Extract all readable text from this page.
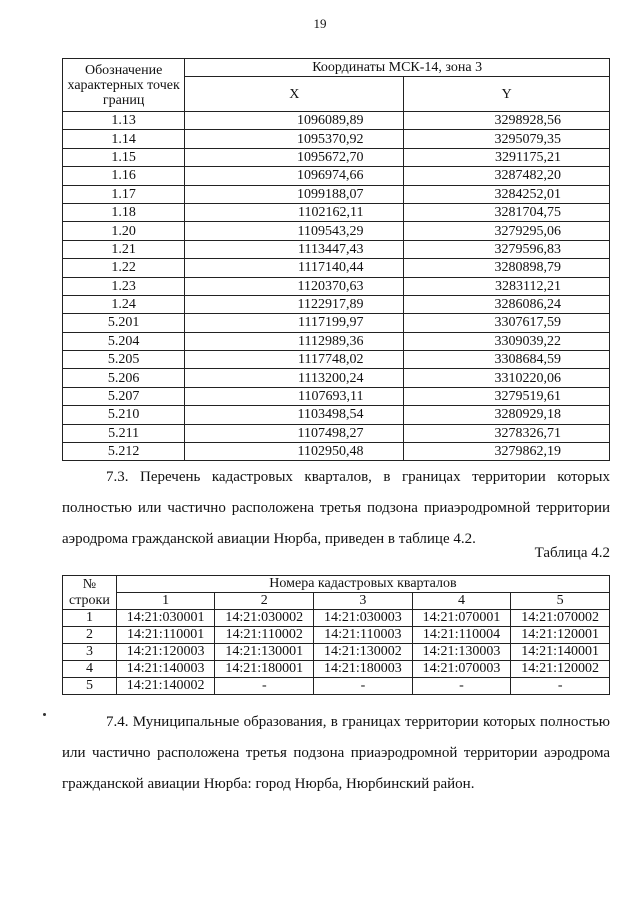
19
Обозначение характерных точек границ	Координаты МСК-14, зона 3	
	X	Y
1.13	1096089,89	3298928,56
1.14	1095370,92	3295079,35
1.15	1095672,70	3291175,21
1.16	1096974,66	3287482,20
1.17	1099188,07	3284252,01
1.18	1102162,11	3281704,75
1.20	1109543,29	3279295,06
1.21	1113447,43	3279596,83
1.22	1117140,44	3280898,79
1.23	1120370,63	3283112,21
1.24	1122917,89	3286086,24
5.201	1117199,97	3307617,59
5.204	1112989,36	3309039,22
5.205	1117748,02	3308684,59
5.206	1113200,24	3310220,06
5.207	1107693,11	3279519,61
5.210	1103498,54	3280929,18
5.211	1107498,27	3278326,71
5.212	1102950,48	3279862,19
7.3. Перечень кадастровых кварталов, в границах территории которых
полностью или частично расположена третья подзона приаэродромной территории
аэродрома гражданской авиации Нюрба, приведен в таблице 4.2.
Таблица 4.2
№
строки	Номера кадастровых кварталов				
	1	2	3	4	5
1	14:21:030001	14:21:030002	14:21:030003	14:21:070001	14:21:070002
2	14:21:110001	14:21:110002	14:21:110003	14:21:110004	14:21:120001
3	14:21:120003	14:21:130001	14:21:130002	14:21:130003	14:21:140001
4	14:21:140003	14:21:180001	14:21:180003	14:21:070003	14:21:120002
5	14:21:140002	-	-	-	-
7.4. Муниципальные образования, в границах территории которых полностью
или частично расположена третья подзона приаэродромной территории аэродрома
гражданской авиации Нюрба: город Нюрба, Нюрбинский район.
